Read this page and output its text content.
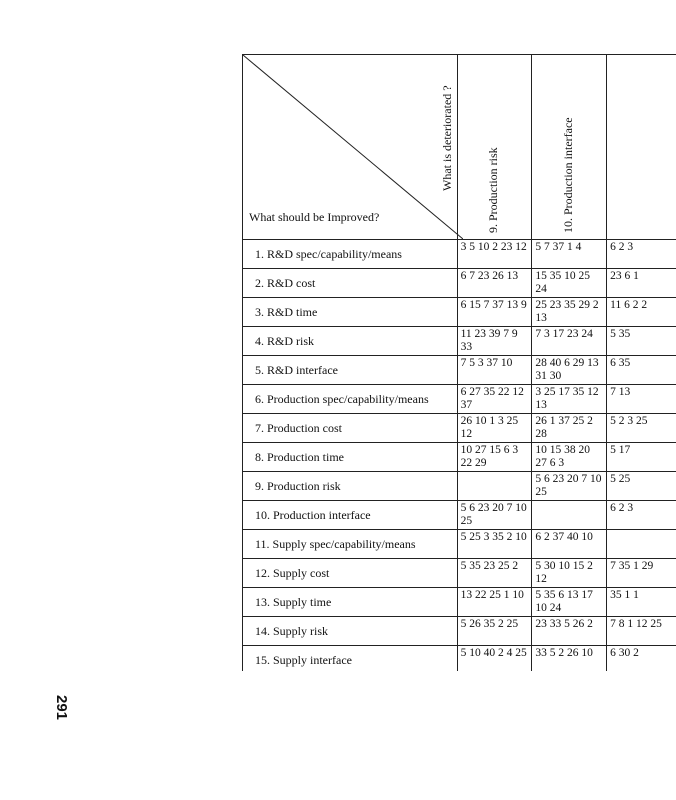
291
What should be Improved?
What is deteriorated ?	9. Production risk	10. Production interface	

1. R&D spec/capability/means	3 5 10 2 23 12	5 7 37 1 4	6 2 3
2. R&D cost	6 7 23 26 13	15 35 10 25 24	23 6 1
3. R&D time	6 15 7 37 13 9	25 23 35 29 2 13	11 6 2 2
4. R&D risk	11 23 39 7 9 33	7 3 17 23 24	5 35
5. R&D interface	7 5 3 37 10	28 40 6 29 13 31 30	6 35
6. Production spec/capability/means	6 27 35 22 12 37	3 25 17 35 12 13	7 13
7. Production cost	26 10 1 3 25 12	26 1 37 25 2 28	5 2 3 25
8. Production time	10 27 15 6 3 22 29	10 15 38 20 27 6 3	5 17
9. Production risk		5 6 23 20 7 10 25	5 25
10. Production interface	5 6 23 20 7 10 25		6 2 3
11. Supply spec/capability/means	5 25 3 35 2 10	6 2 37 40 10	
12. Supply cost	5 35 23 25 2	5 30 10 15 2 12	7 35 1 29
13. Supply time	13 22 25 1 10	5 35 6 13 17 10 24	35 1 1
14. Supply risk	5 26 35 2 25	23 33 5 26 2	7 8 1 12 25
15. Supply interface	5 10 40 2 4 25	33 5 2 26 10	6 30 2
